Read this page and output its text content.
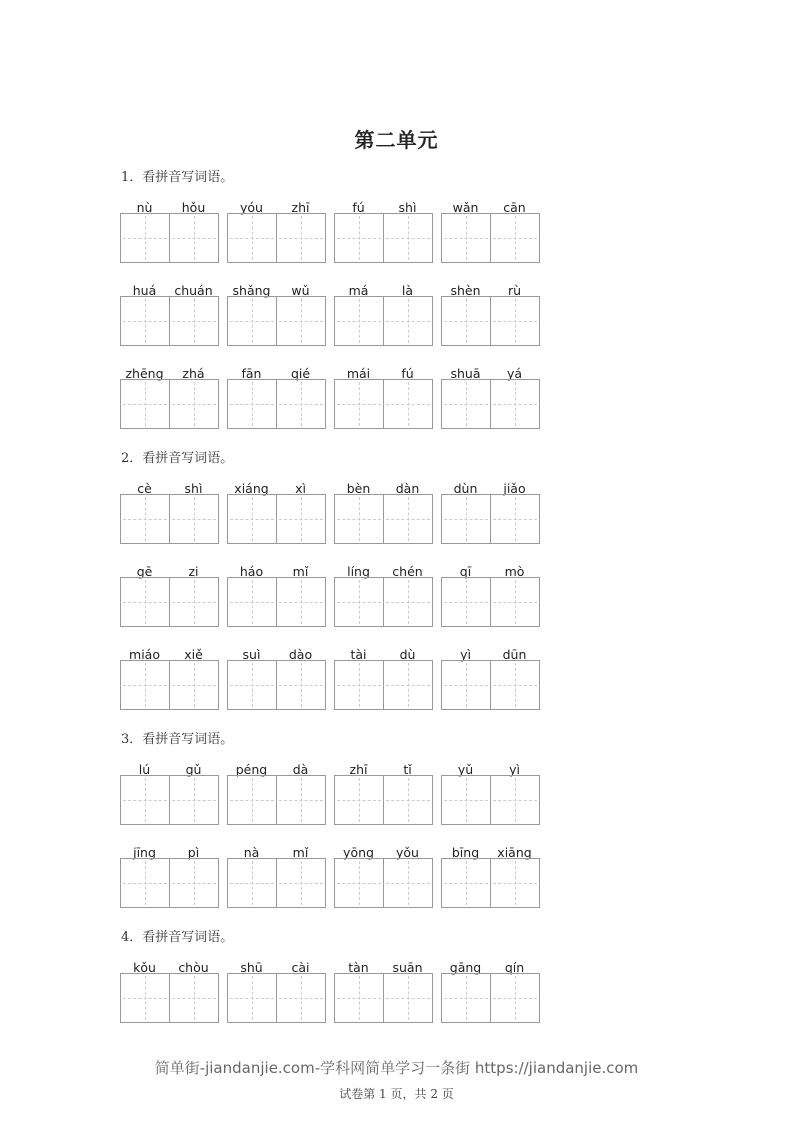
第二单元
1．看拼音写词语。
nù	hǒu	yóu	zhī	fú	shì	wǎn	cān
huá	chuán	shǎng	wǔ	má	là	shèn	rù
zhēng	zhá	fān	qié	mái	fú	shuā	yá
2．看拼音写词语。
cè	shì	xiáng	xì	bèn	dàn	dùn	jiǎo
gē	zi	háo	mǐ	líng	chén	qī	mò
miáo	xiě	suì	dào	tài	dù	yì	dūn
3．看拼音写词语。
lú	gǔ	péng	dà	zhī	tǐ	yǔ	yì
jīng	pì	nà	mǐ	yōng	yǒu	bīng	xiāng
4．看拼音写词语。
kǒu	chòu	shū	cài	tàn	suān	gāng	qín
简单街-jiandanjie.com-学科网简单学习一条街 https://jiandanjie.com
试卷第 1 页，共 2 页
